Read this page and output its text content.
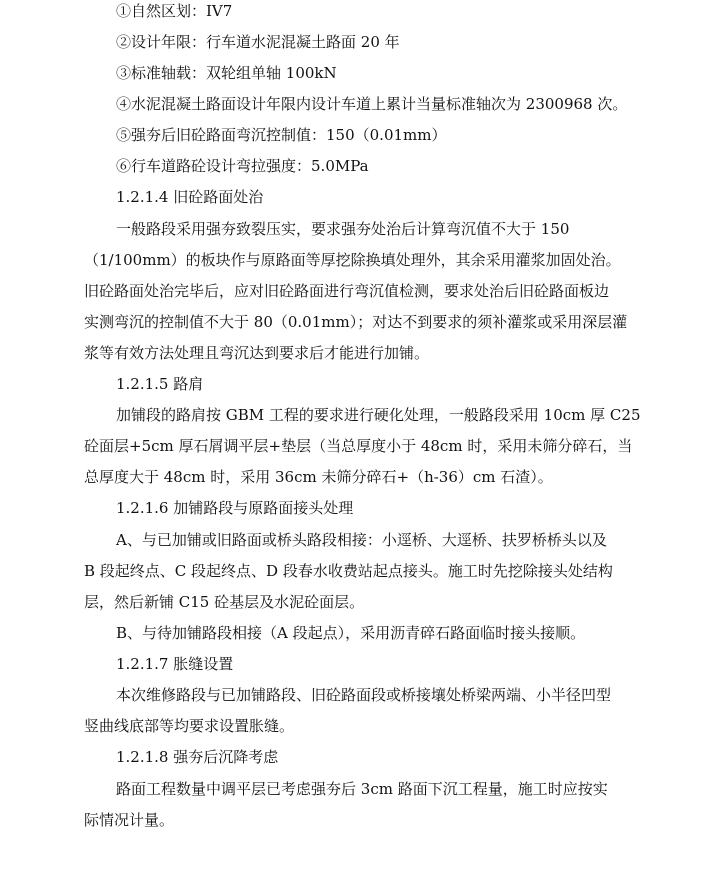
①自然区划：IV7
②设计年限：行车道水泥混凝土路面 20 年
③标准轴载：双轮组单轴 100kN
④水泥混凝土路面设计年限内设计车道上累计当量标准轴次为 2300968 次。
⑤强夯后旧砼路面弯沉控制值：150（0.01mm）
⑥行车道路砼设计弯拉强度：5.0MPa
1.2.1.4 旧砼路面处治
一般路段采用强夯致裂压实，要求强夯处治后计算弯沉值不大于 150
（1/100mm）的板块作与原路面等厚挖除换填处理外，其余采用灌浆加固处治。
旧砼路面处治完毕后，应对旧砼路面进行弯沉值检测，要求处治后旧砼路面板边
实测弯沉的控制值不大于 80（0.01mm）；对达不到要求的须补灌浆或采用深层灌
浆等有效方法处理且弯沉达到要求后才能进行加铺。
1.2.1.5 路肩
加铺段的路肩按 GBM 工程的要求进行硬化处理，一般路段采用 10cm 厚 C25
砼面层+5cm 厚石屑调平层+垫层（当总厚度小于 48cm 时，采用未筛分碎石，当
总厚度大于 48cm 时，采用 36cm 未筛分碎石+（h-36）cm 石渣）。
1.2.1.6 加铺路段与原路面接头处理
A、与已加铺或旧路面或桥头路段相接：小逕桥、大逕桥、扶罗桥桥头以及
B 段起终点、C 段起终点、D 段春水收费站起点接头。施工时先挖除接头处结构
层，然后新铺 C15 砼基层及水泥砼面层。
B、与待加铺路段相接（A 段起点），采用沥青碎石路面临时接头接顺。
1.2.1.7 胀缝设置
本次维修路段与已加铺路段、旧砼路面段或桥接壤处桥梁两端、小半径凹型
竖曲线底部等均要求设置胀缝。
1.2.1.8 强夯后沉降考虑
路面工程数量中调平层已考虑强夯后 3cm 路面下沉工程量，施工时应按实
际情况计量。
